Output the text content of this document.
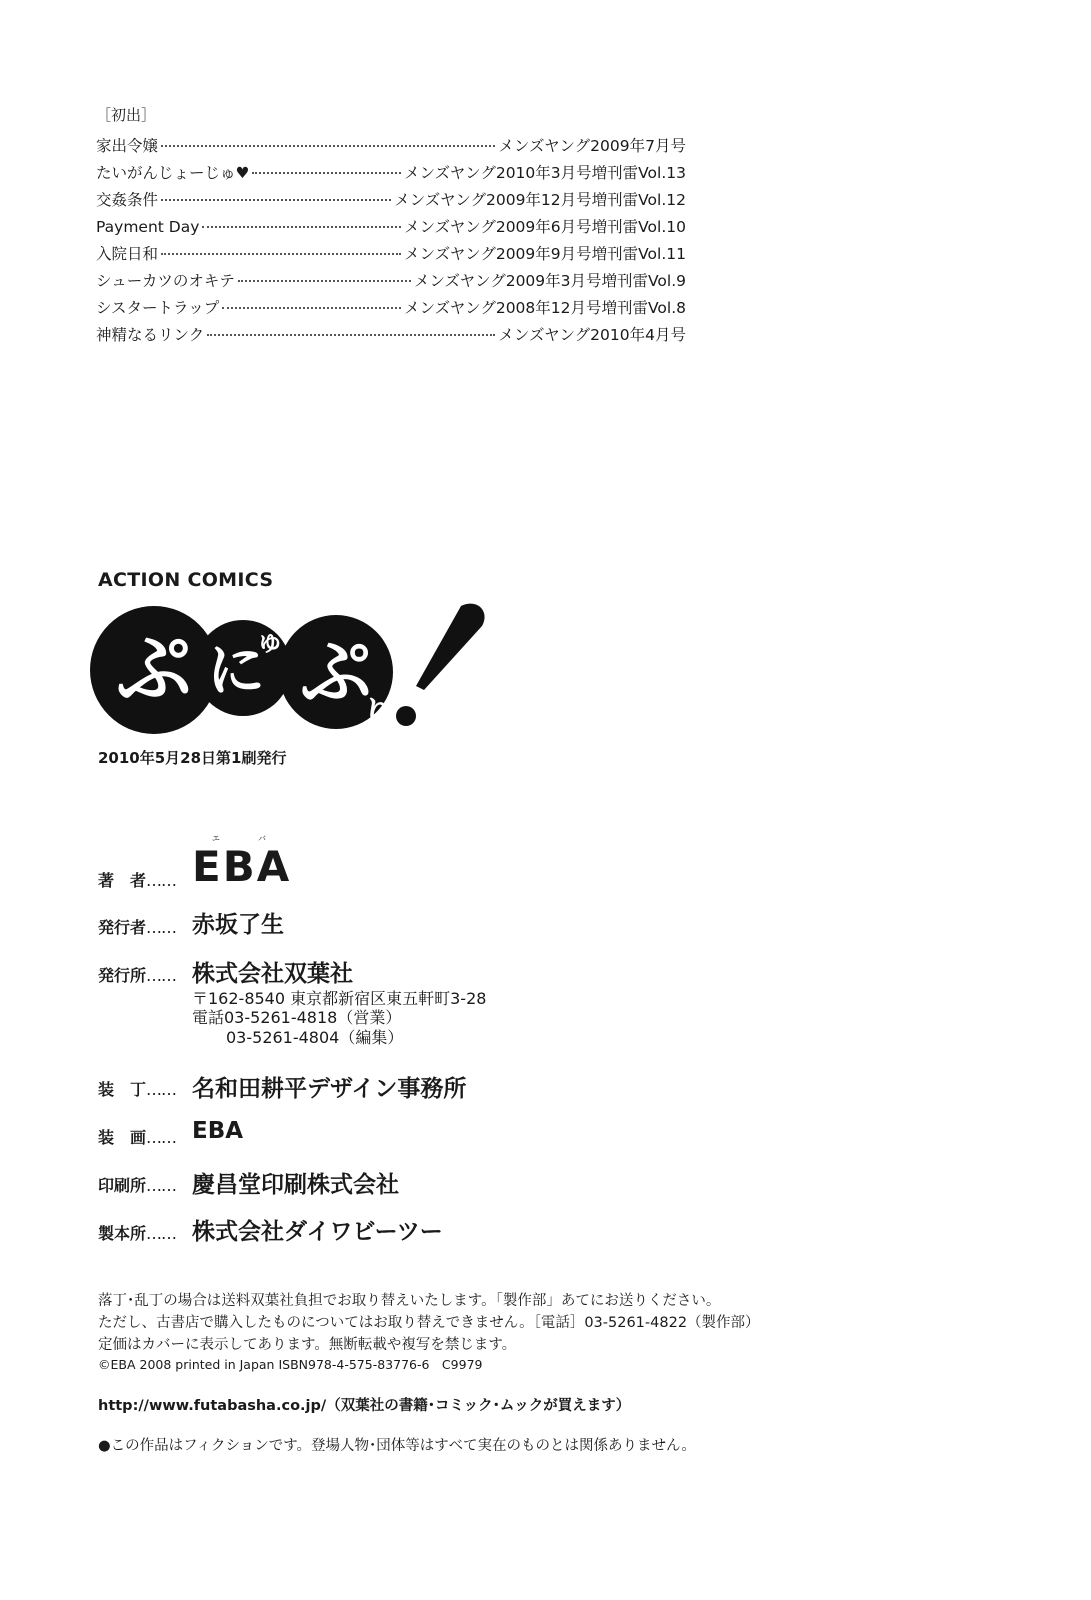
［初出］
家出令嬢	メンズヤング2009年7月号
たいがんじょーじゅ♥	メンズヤング2010年3月号増刊雷Vol.13
交姦条件	メンズヤング2009年12月号増刊雷Vol.12
Payment Day	メンズヤング2009年6月号増刊雷Vol.10
入院日和	メンズヤング2009年9月号増刊雷Vol.11
シューカツのオキテ	メンズヤング2009年3月号増刊雷Vol.9
シスタートラップ	メンズヤング2008年12月号増刊雷Vol.8
神精なるリンク	メンズヤング2010年4月号
ACTION COMICS
ぷ に
ゅ ぷ
り
2010年5月28日第1刷発行
著　者……
エ	バ
EBA
発行者…… 赤坂了生
発行所…… 株式会社双葉社
〒162-8540 東京都新宿区東五軒町3-28
電話03-5261-4818（営業）
03-5261-4804（編集）
装　丁…… 名和田耕平デザイン事務所
装　画…… EBA
印刷所…… 慶昌堂印刷株式会社
製本所…… 株式会社ダイワビーツー
落丁･乱丁の場合は送料双葉社負担でお取り替えいたします。「製作部」あてにお送りください。
ただし、古書店で購入したものについてはお取り替えできません。［電話］03-5261-4822（製作部）
定価はカバーに表示してあります。無断転載や複写を禁じます。
©EBA 2008 printed in Japan ISBN978-4-575-83776-6　C9979
http://www.futabasha.co.jp/（双葉社の書籍･コミック･ムックが買えます）
●この作品はフィクションです。登場人物･団体等はすべて実在のものとは関係ありません。
